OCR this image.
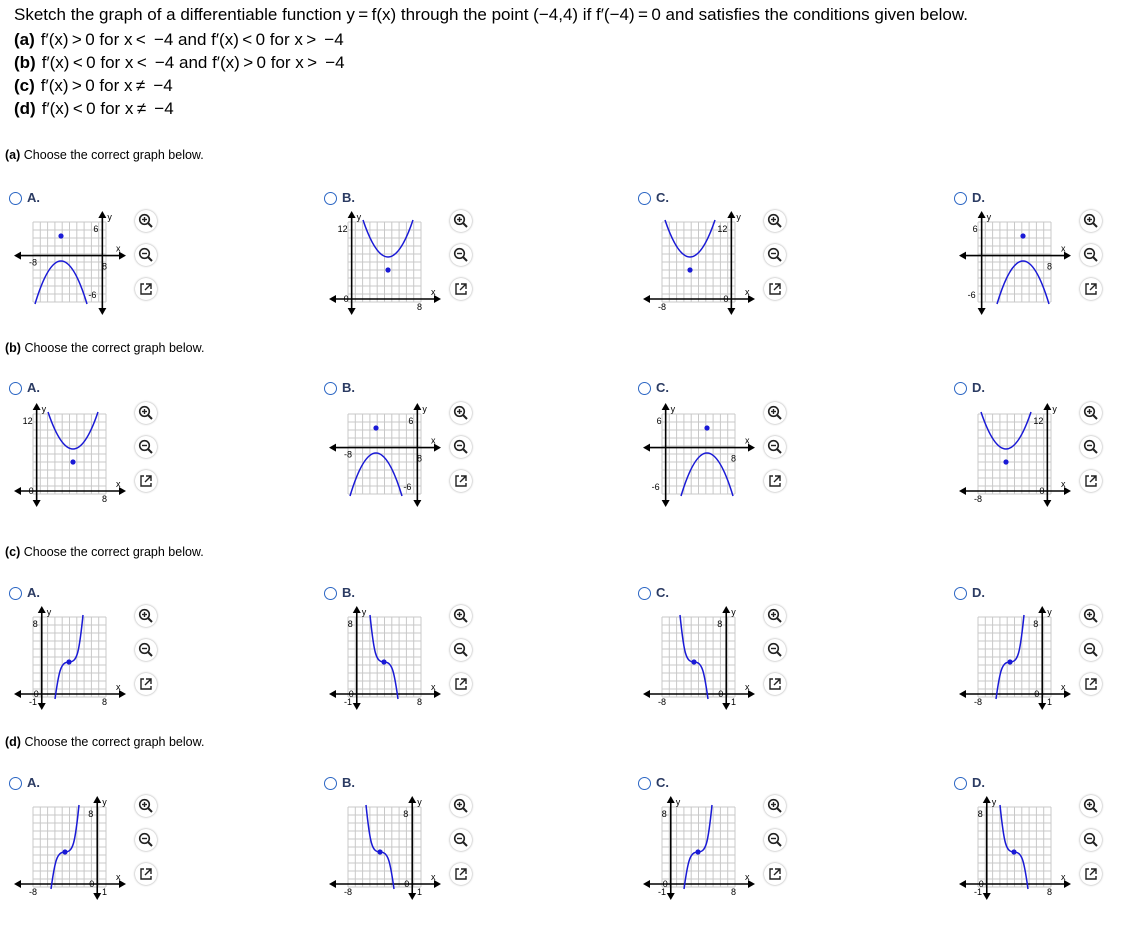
Sketch the graph of a differentiable function y = f(x) through the point (−4,4) if f′(−4) = 0 and satisfies the conditions given below.
(a) f′(x) > 0 for x <  −4 and f′(x) < 0 for x >  −4
(b) f′(x) < 0 for x <  −4 and f′(x) > 0 for x >  −4
(c) f′(x) > 0 for x ≠  −4
(d) f′(x) < 0 for x ≠  −4
(a) Choose the correct graph below.
A.
x
y
-8	8
6
-6
B.
x
y
8
12
0
C.
x
y
-8
12
0
D.
x
y
8
6
-6
(b) Choose the correct graph below.
A.
x
y
8
12
0
B.
x
y
-8	8
6
-6
C.
x
y
8
6
-6
D.
x
y
-8
12
0
(c) Choose the correct graph below.
A.
x
y
-1	8
8
0
B.
x
y
-1	8
8
0
C.
x
y
-8	1
8
0
D.
x
y
-8	1
8
0
(d) Choose the correct graph below.
A.
x
y
-8	1
8
0
B.
x
y
-8	1
8
0
C.
x
y
-1	8
8
0
D.
x
y
-1	8
8
0
